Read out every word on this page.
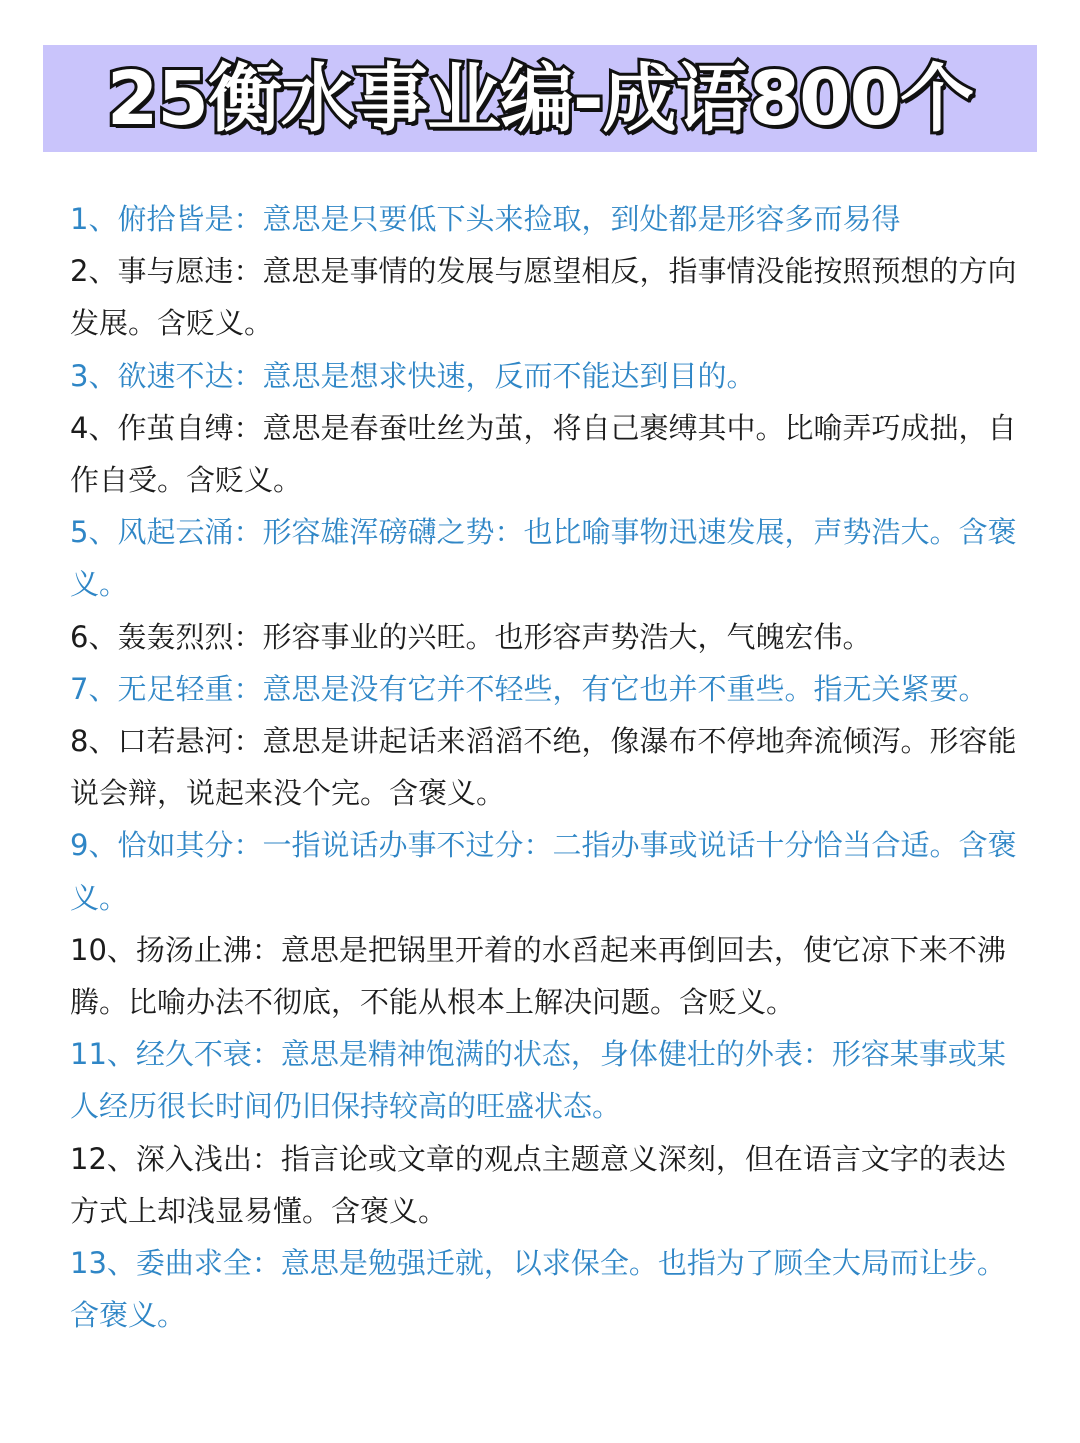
25衡水事业编-成语800个

1、俯拾皆是：意思是只要低下头来捡取，到处都是形容多而易得

2、事与愿违：意思是事情的发展与愿望相反，指事情没能按照预想的方向发展。含贬义。

3、欲速不达：意思是想求快速，反而不能达到目的。

4、作茧自缚：意思是春蚕吐丝为茧，将自己裹缚其中。比喻弄巧成拙，自作自受。含贬义。

5、风起云涌：形容雄浑磅礴之势：也比喻事物迅速发展，声势浩大。含褒义。

6、轰轰烈烈：形容事业的兴旺。也形容声势浩大，气魄宏伟。

7、无足轻重：意思是没有它并不轻些，有它也并不重些。指无关紧要。

8、口若悬河：意思是讲起话来滔滔不绝，像瀑布不停地奔流倾泻。形容能说会辩，说起来没个完。含褒义。

9、恰如其分：一指说话办事不过分：二指办事或说话十分恰当合适。含褒义。

10、扬汤止沸：意思是把锅里开着的水舀起来再倒回去，使它凉下来不沸腾。比喻办法不彻底，不能从根本上解决问题。含贬义。

11、经久不衰：意思是精神饱满的状态，身体健壮的外表：形容某事或某人经历很长时间仍旧保持较高的旺盛状态。

12、深入浅出：指言论或文章的观点主题意义深刻，但在语言文字的表达方式上却浅显易懂。含褒义。

13、委曲求全：意思是勉强迁就，以求保全。也指为了顾全大局而让步。含褒义。
